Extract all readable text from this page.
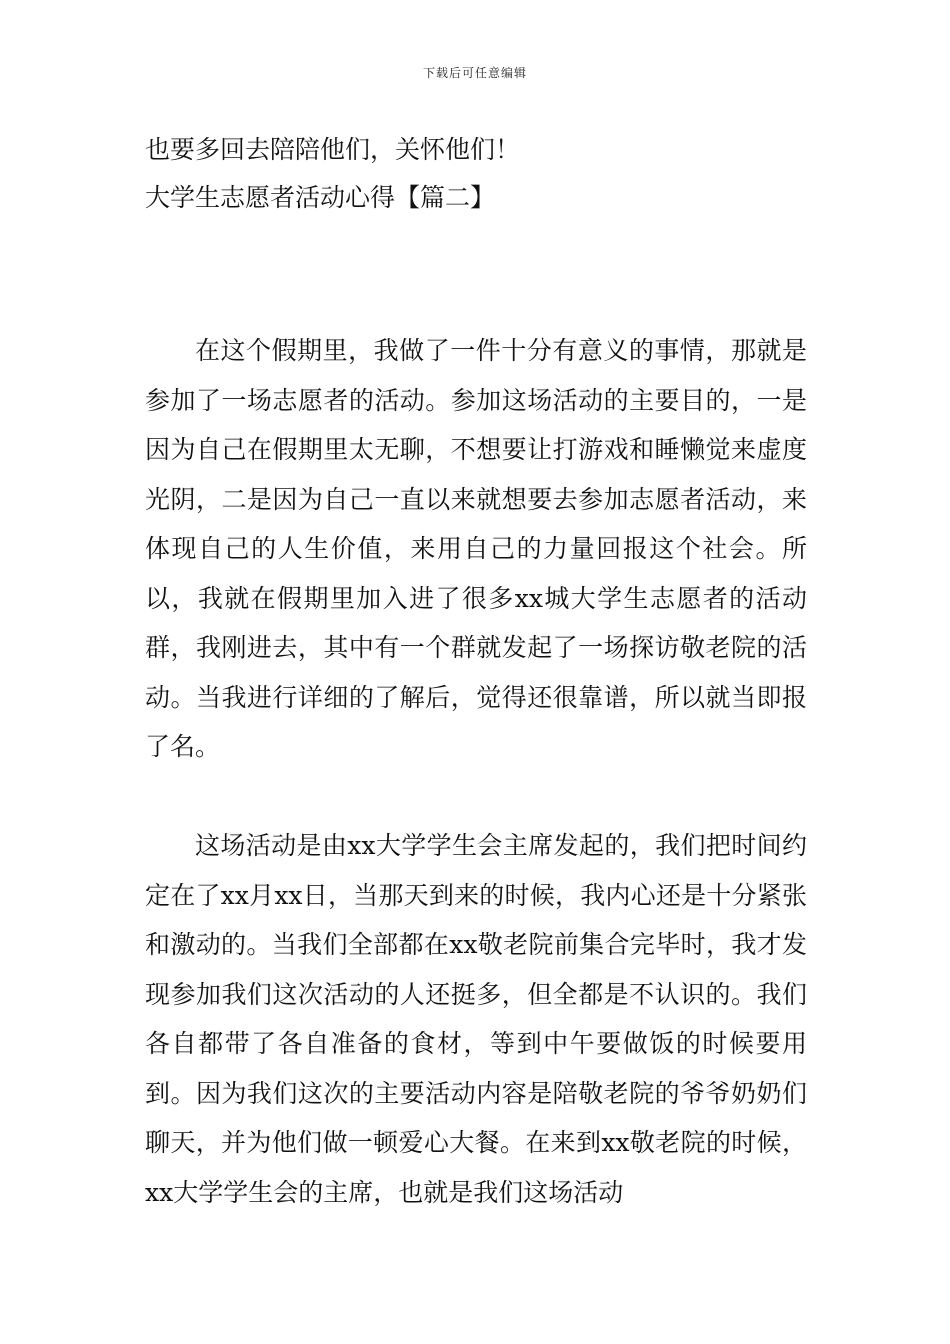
下载后可任意编辑
也要多回去陪陪他们，关怀他们！
大学生志愿者活动心得【篇二】
在这个假期里，我做了一件十分有意义的事情，那就是参加了一场志愿者的活动。参加这场活动的主要目的，一是因为自己在假期里太无聊，不想要让打游戏和睡懒觉来虚度光阴，二是因为自己一直以来就想要去参加志愿者活动，来体现自己的人生价值，来用自己的力量回报这个社会。所以，我就在假期里加入进了很多xx城大学生志愿者的活动群，我刚进去，其中有一个群就发起了一场探访敬老院的活动。当我进行详细的了解后，觉得还很靠谱，所以就当即报了名。
这场活动是由xx大学学生会主席发起的，我们把时间约定在了xx月xx日，当那天到来的时候，我内心还是十分紧张和激动的。当我们全部都在xx敬老院前集合完毕时，我才发现参加我们这次活动的人还挺多，但全都是不认识的。我们各自都带了各自准备的食材，等到中午要做饭的时候要用到。因为我们这次的主要活动内容是陪敬老院的爷爷奶奶们聊天，并为他们做一顿爱心大餐。在来到xx敬老院的时候，xx大学学生会的主席，也就是我们这场活动
